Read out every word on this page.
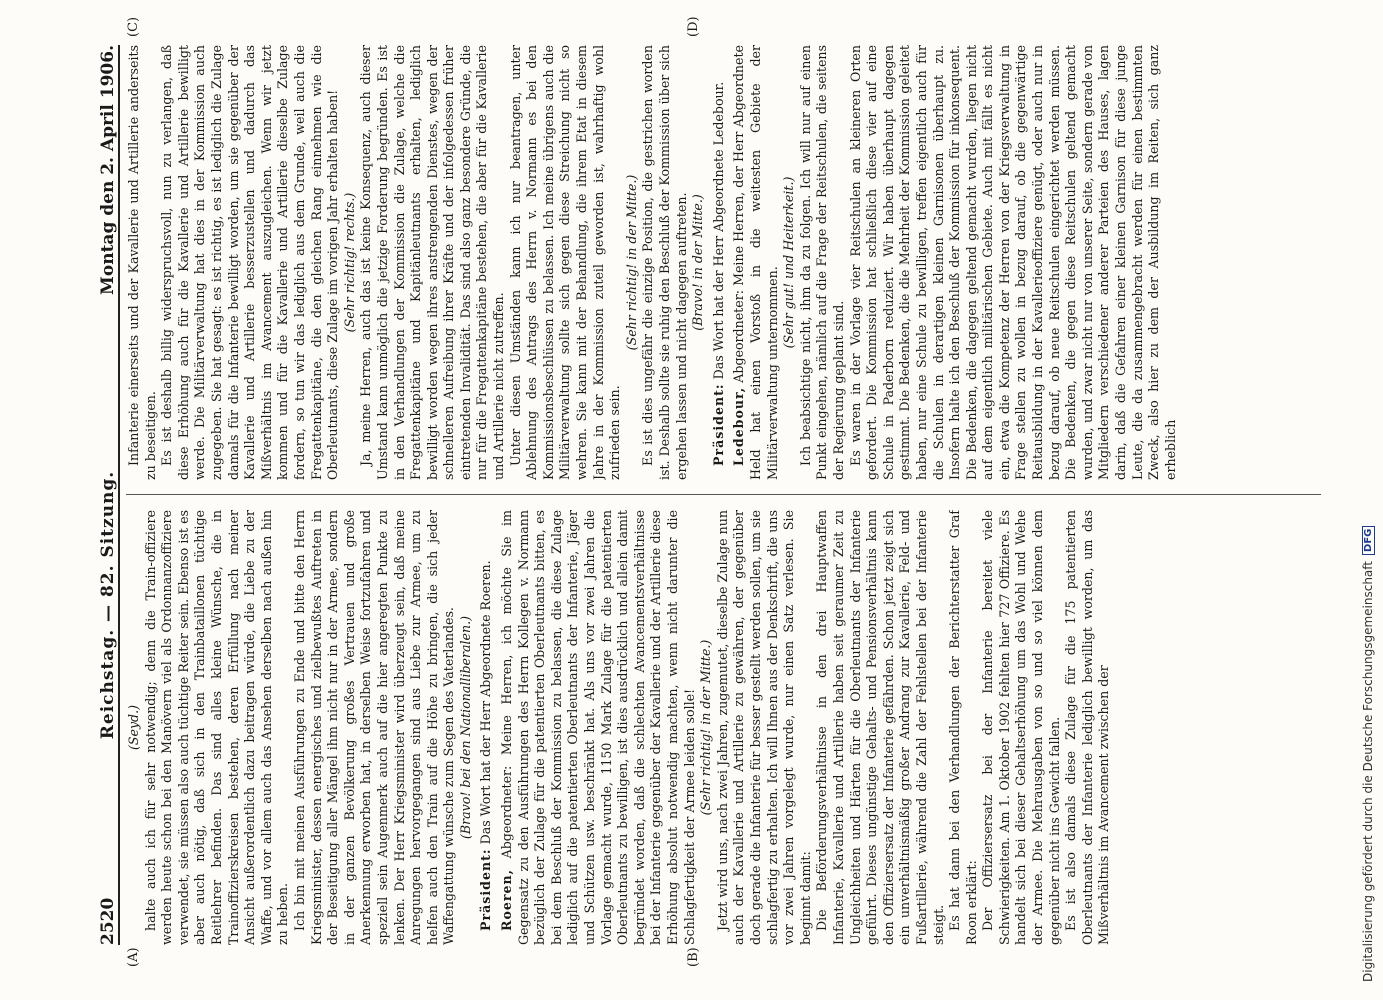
2520
Reichstag. — 82. Sitzung.
Montag den 2. April 1906.
(A)	(B)
(C)	(D)

(Seyd.) halte auch ich für sehr notwendig; denn die Train-offiziere werden heute schon bei den Manövern viel als Ordonnanzoffiziere verwendet, sie müssen also auch tüchtige Reiter sein. Ebenso ist es aber auch nötig, daß sich in den Trainbataillonen tüchtige Reitlehrer befinden. Das sind alles kleine Wünsche, die in Trainoffizierskreisen bestehen, deren Erfüllung nach meiner Ansicht außerordentlich dazu beitragen würde, die Liebe zu der Waffe, und vor allem auch das Ansehen derselben nach außen hin zu heben. Ich bin mit meinen Ausführungen zu Ende und bitte den Herrn Kriegsminister, dessen energisches und zielbewußtes Auftreten in der Beseitigung aller Mängel ihm nicht nur in der Armee, sondern in der ganzen Bevölkerung großes Vertrauen und große Anerkennung erworben hat, in derselben Weise fortzufahren und speziell sein Augenmerk auch auf die hier angeregten Punkte zu lenken. Der Herr Kriegsminister wird überzeugt sein, daß meine Anregungen hervorgegangen sind aus Liebe zur Armee, um zu helfen auch den Train auf die Höhe zu bringen, die sich jeder Waffengattung wünsche zum Segen des Vaterlandes. (Bravo! bei den Nationalliberalen.)

Präsident: Das Wort hat der Herr Abgeordnete Roeren.

Roeren, Abgeordneter: Meine Herren, ich möchte Sie im Gegensatz zu den Ausführungen des Herrn Kollegen v. Normann bezüglich der Zulage für die patentierten Oberleutnants bitten, es bei dem Beschluß der Kommission zu belassen, die diese Zulage lediglich auf die patentierten Oberleutnants der Infanterie, Jäger und Schützen usw. beschränkt hat. Als uns vor zwei Jahren die Vorlage gemacht wurde, 1150 Mark Zulage für die patentierten Oberleutnants zu bewilligen, ist dies ausdrücklich und allein damit begründet worden, daß die schlechten Avancementsverhältnisse bei der Infanterie gegenüber der Kavallerie und der Artillerie diese Erhöhung absolut notwendig machten, wenn nicht darunter die Schlagfertigkeit der Armee leiden solle! (Sehr richtig! in der Mitte.) Jetzt wird uns, nach zwei Jahren, zugemutet, dieselbe Zulage nun auch der Kavallerie und Artillerie zu gewähren, der gegenüber doch gerade die Infanterie für besser gestellt werden sollen, um sie schlagfertig zu erhalten. Ich will Ihnen aus der Denkschrift, die uns vor zwei Jahren vorgelegt wurde, nur einen Satz verlesen. Sie beginnt damit: Die Beförderungsverhältnisse in den drei Hauptwaffen Infanterie, Kavallerie und Artillerie haben seit geraumer Zeit zu Ungleichheiten und Härten für die Oberleutnants der Infanterie geführt. Dieses ungünstige Gehalts- und Pensionsverhältnis kann den Offiziersersatz der Infanterie gefährden. Schon jetzt zeigt sich ein unverhältnismäßig großer Andrang zur Kavallerie, Feld- und Fußartillerie, während die Zahl der Fehlstellen bei der Infanterie steigt. Es hat dann bei den Verhandlungen der Berichterstatter Graf Roon erklärt: Der Offiziersersatz bei der Infanterie bereitet viele Schwierigkeiten. Am 1. Oktober 1902 fehlten hier 727 Offiziere. Es handelt sich bei dieser Gehaltserhöhung um das Wohl und Wehe der Armee. Die Mehrausgaben von so und so viel können dem gegenüber nicht ins Gewicht fallen. Es ist also damals diese Zulage für die 175 patentierten Oberleutnants der Infanterie lediglich bewilligt worden, um das Mißverhältnis im Avancement zwischen der

Infanterie einerseits und der Kavallerie und Artillerie anderseits zu beseitigen. Es ist deshalb billig widerspruchsvoll, nun zu verlangen, daß diese Erhöhung auch für die Kavallerie und Artillerie bewilligt werde. Die Militärverwaltung hat dies in der Kommission auch zugegeben. Sie hat gesagt: es ist richtig, es ist lediglich die Zulage damals für die Infanterie bewilligt worden, um sie gegenüber der Kavallerie und Artillerie besserzustellen und dadurch das Mißverhältnis im Avancement auszugleichen. Wenn wir jetzt kommen und für die Kavallerie und Artillerie dieselbe Zulage fordern, so tun wir das lediglich aus dem Grunde, weil auch die Fregattenkapitäne, die den gleichen Rang einnehmen wie die Oberleutnants, diese Zulage im vorigen Jahr erhalten haben! (Sehr richtig! rechts.) Ja, meine Herren, auch das ist keine Konsequenz, auch dieser Umstand kann unmöglich die jetzige Forderung begründen. Es ist in den Verhandlungen der Kommission die Zulage, welche die Fregattenkapitäne und Kapitänleutnants erhalten, lediglich bewilligt worden wegen ihres anstrengenden Dienstes, wegen der schnelleren Aufreibung ihrer Kräfte und der infolgedessen früher eintretenden Invalidität. Das sind also ganz besondere Gründe, die nur für die Fregattenkapitäne bestehen, die aber für die Kavallerie und Artillerie nicht zutreffen. Unter diesen Umständen kann ich nur beantragen, unter Ablehnung des Antrags des Herrn v. Normann es bei den Kommissionsbeschlüssen zu belassen. Ich meine übrigens auch die Militärverwaltung sollte sich gegen diese Streichung nicht so wehren. Sie kann mit der Behandlung, die ihrem Etat in diesem Jahre in der Kommission zuteil geworden ist, wahrhaftig wohl zufrieden sein.

(Sehr richtig! in der Mitte.) Es ist dies ungefähr die einzige Position, die gestrichen worden ist. Deshalb sollte sie ruhig den Beschluß der Kommission über sich ergehen lassen und nicht dagegen auftreten. (Bravo! in der Mitte.)

Präsident: Das Wort hat der Herr Abgeordnete Ledebour.

Ledebour, Abgeordneter: Meine Herren, der Herr Abgeordnete Held hat einen Vorstoß in die weitesten Gebiete der Militärverwaltung unternommen.

(Sehr gut! und Heiterkeit.) Ich beabsichtige nicht, ihm da zu folgen. Ich will nur auf einen Punkt eingehen, nämlich auf die Frage der Reitschulen, die seitens der Regierung geplant sind. Es waren in der Vorlage vier Reitschulen an kleineren Orten gefordert. Die Kommission hat schließlich diese vier auf eine Schule in Paderborn reduziert. Wir haben überhaupt dagegen gestimmt. Die Bedenken, die die Mehrheit der Kommission geleitet haben, nur eine Schule zu bewilligen, treffen eigentlich auch für die Schulen in derartigen kleinen Garnisonen überhaupt zu. Insofern halte ich den Beschluß der Kommission für inkonsequent. Die Bedenken, die dagegen geltend gemacht wurden, liegen nicht auf dem eigentlich militärischen Gebiete. Auch mit fällt es nicht ein, etwa die Kompetenz der Herren von der Kriegsverwaltung in Frage stellen zu wollen in bezug darauf, ob die gegenwärtige Reitausbildung in der Kavallerieoffiziere genügt, oder auch nur in bezug darauf, ob neue Reitschulen eingerichtet werden müssen. Die Bedenken, die gegen diese Reitschulen geltend gemacht wurden, und zwar nicht nur von unserer Seite, sondern gerade von Mitgliedern verschiedener anderer Parteien des Hauses, lagen darin, daß die Gefahren einer kleinen Garnison für diese junge Leute, die da zusammengebracht werden für einen bestimmten Zweck, also hier zu dem der Ausbildung im Reiten, sich ganz erheblich

Digitalisierung gefördert durch die Deutsche Forschungsgemeinschaft
DFG
